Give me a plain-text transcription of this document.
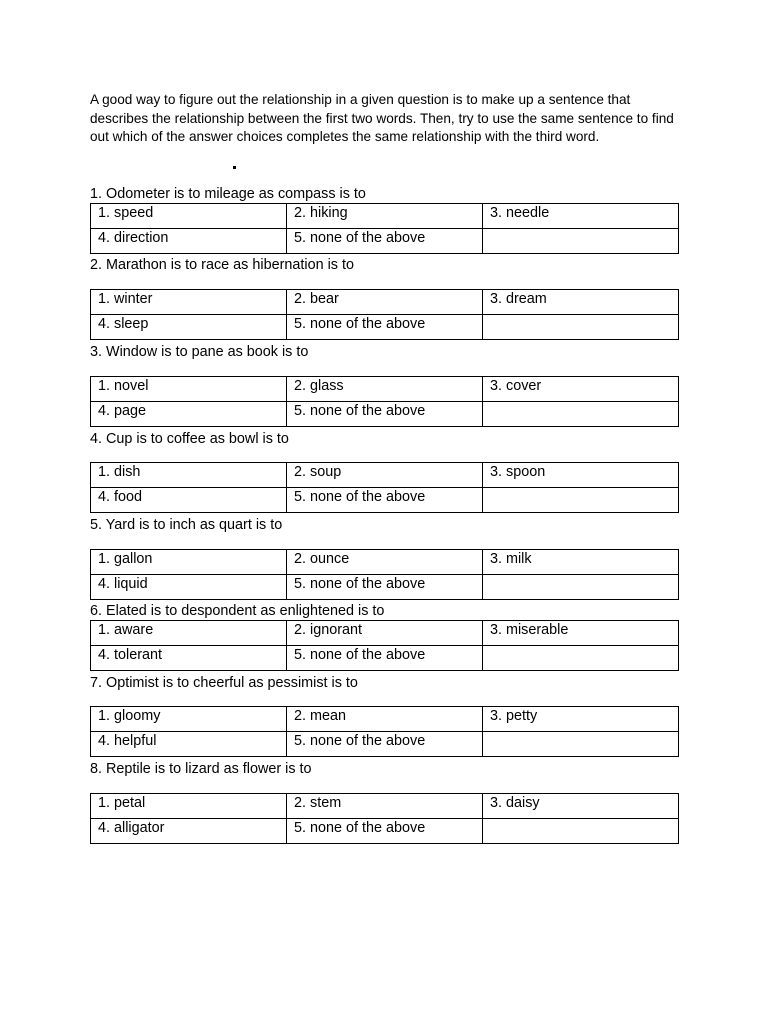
A good way to figure out the relationship in a given question is to make up a sentence that describes the relationship between the first two words. Then, try to use the same sentence to find out which of the answer choices completes the same relationship with the third word.
1. Odometer is to mileage as compass is to
1. speed	2. hiking	3. needle
4. direction	5. none of the above	
2. Marathon is to race as hibernation is to
1. winter	2. bear	3. dream
4. sleep	5. none of the above	
3. Window is to pane as book is to
1. novel	2. glass	3. cover
4. page	5. none of the above	
4. Cup is to coffee as bowl is to
1. dish	2. soup	3. spoon
4. food	5. none of the above	
5. Yard is to inch as quart is to
1. gallon	2. ounce	3. milk
4. liquid	5. none of the above	
6. Elated is to despondent as enlightened is to
1. aware	2. ignorant	3. miserable
4. tolerant	5. none of the above	
7. Optimist is to cheerful as pessimist is to
1. gloomy	2. mean	3. petty
4. helpful	5. none of the above	
8. Reptile is to lizard as flower is to
1. petal	2. stem	3. daisy
4. alligator	5. none of the above	
